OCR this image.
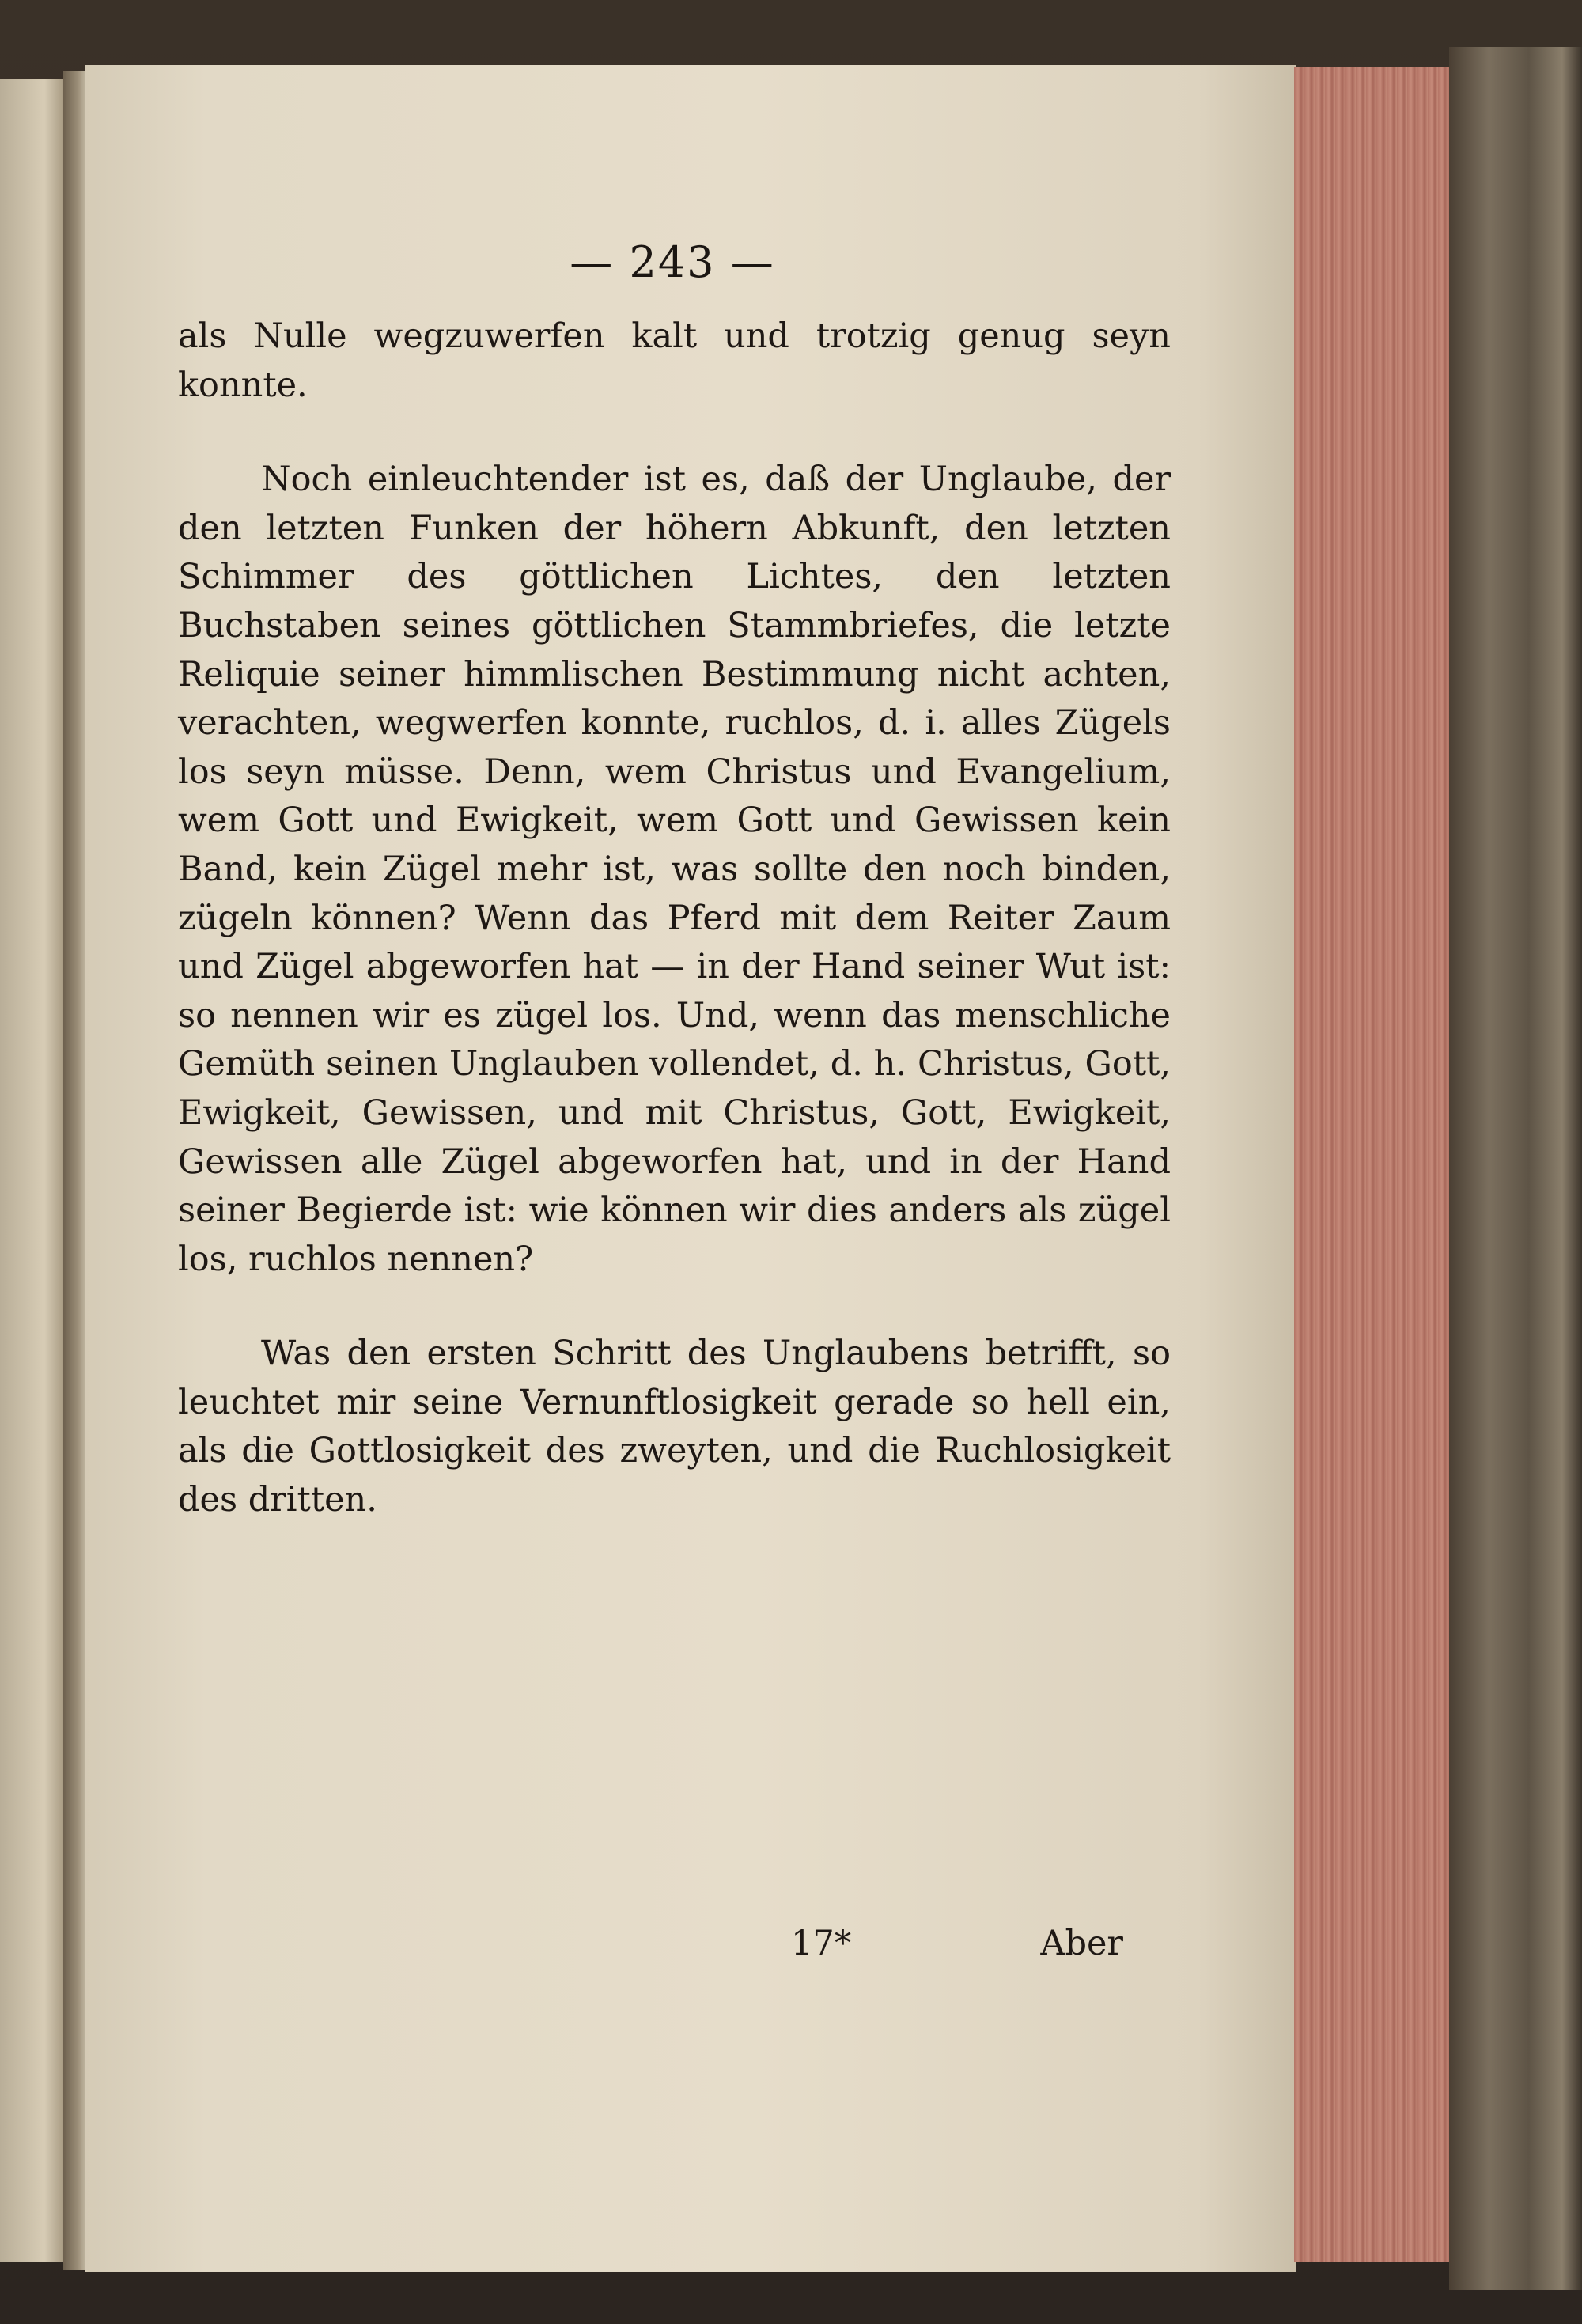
— 243 —

als Nulle wegzuwerfen kalt und trotzig genug seyn konnte.

Noch einleuchtender ist es, daß der Unglaube, der den letzten Funken der höhern Abkunft, den letzten Schimmer des göttlichen Lichtes, den letzten Buchstaben seines göttlichen Stammbriefes, die letzte Reliquie seiner himmlischen Bestimmung nicht achten, verachten, wegwerfen konnte, ruchlos, d. i. alles Zügels los seyn müsse. Denn, wem Christus und Evangelium, wem Gott und Ewigkeit, wem Gott und Gewissen kein Band, kein Zügel mehr ist, was sollte den noch binden, zügeln können? Wenn das Pferd mit dem Reiter Zaum und Zügel abgeworfen hat — in der Hand seiner Wut ist: so nennen wir es zügel los. Und, wenn das menschliche Gemüth seinen Unglauben vollendet, d. h. Christus, Gott, Ewigkeit, Gewissen, und mit Christus, Gott, Ewigkeit, Gewissen alle Zügel abgeworfen hat, und in der Hand seiner Begierde ist: wie können wir dies anders als zügel los, ruchlos nennen?

Was den ersten Schritt des Unglaubens betrifft, so leuchtet mir seine Vernunftlosigkeit gerade so hell ein, als die Gottlosigkeit des zweyten, und die Ruchlosigkeit des dritten.

17*	Aber
